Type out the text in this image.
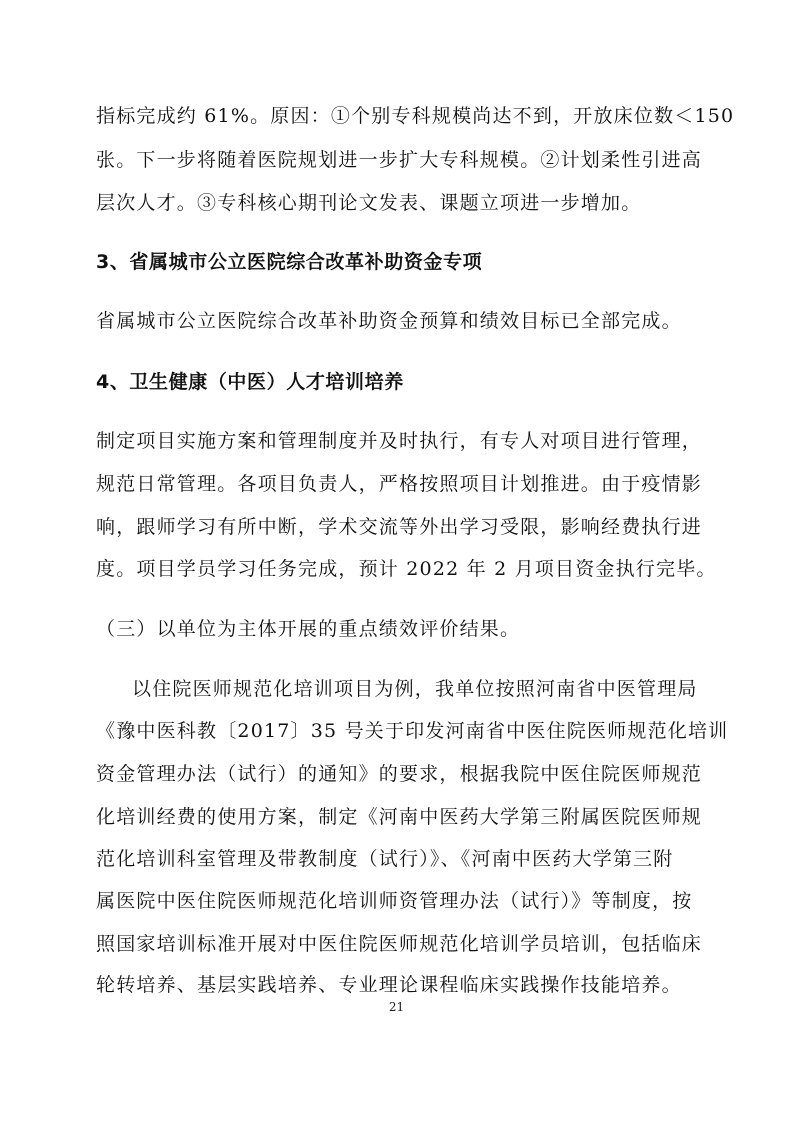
指标完成约 61%。原因：①个别专科规模尚达不到，开放床位数＜150
张。下一步将随着医院规划进一步扩大专科规模。②计划柔性引进高
层次人才。③专科核心期刊论文发表、课题立项进一步增加。
3、省属城市公立医院综合改革补助资金专项
省属城市公立医院综合改革补助资金预算和绩效目标已全部完成。
4、卫生健康（中医）人才培训培养
制定项目实施方案和管理制度并及时执行，有专人对项目进行管理，
规范日常管理。各项目负责人，严格按照项目计划推进。由于疫情影
响，跟师学习有所中断，学术交流等外出学习受限，影响经费执行进
度。项目学员学习任务完成，预计 2022 年 2 月项目资金执行完毕。
（三）以单位为主体开展的重点绩效评价结果。
以住院医师规范化培训项目为例，我单位按照河南省中医管理局
《豫中医科教〔2017〕35 号关于印发河南省中医住院医师规范化培训
资金管理办法（试行）的通知》的要求，根据我院中医住院医师规范
化培训经费的使用方案，制定《河南中医药大学第三附属医院医师规
范化培训科室管理及带教制度（试行）》、《河南中医药大学第三附
属医院中医住院医师规范化培训师资管理办法（试行）》等制度，按
照国家培训标准开展对中医住院医师规范化培训学员培训，包括临床
轮转培养、基层实践培养、专业理论课程临床实践操作技能培养。
21
